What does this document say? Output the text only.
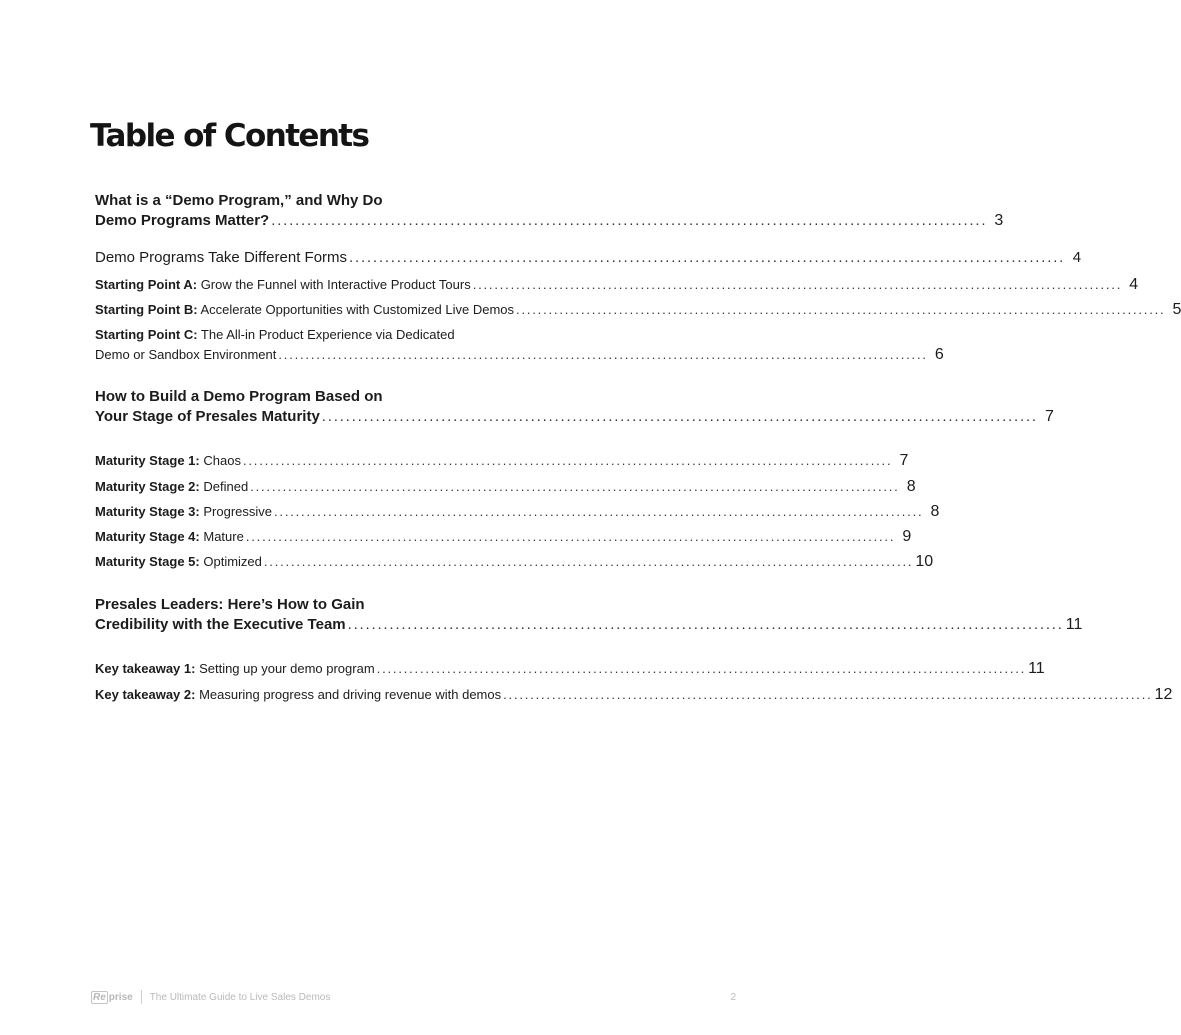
Table of Contents
What is a “Demo Program,” and Why Do
Demo Programs Matter? ........................................................................................................................ 3
Demo Programs Take Different Forms ........................................................................................................................ 4
Starting Point A: Grow the Funnel with Interactive Product Tours ........................................................................................................................ 4
Starting Point B: Accelerate Opportunities with Customized Live Demos ........................................................................................................................ 5
Starting Point C: The All-in Product Experience via Dedicated
Demo or Sandbox Environment ........................................................................................................................ 6
How to Build a Demo Program Based on
Your Stage of Presales Maturity ........................................................................................................................ 7
Maturity Stage 1: Chaos ........................................................................................................................ 7
Maturity Stage 2: Defined ........................................................................................................................ 8
Maturity Stage 3: Progressive ........................................................................................................................ 8
Maturity Stage 4: Mature ........................................................................................................................ 9
Maturity Stage 5: Optimized ........................................................................................................................ 10
Presales Leaders: Here’s How to Gain
Credibility with the Executive Team ........................................................................................................................ 11
Key takeaway 1: Setting up your demo program ........................................................................................................................ 11
Key takeaway 2: Measuring progress and driving revenue with demos ........................................................................................................................ 12
Re prise The Ultimate Guide to Live Sales Demos	2
